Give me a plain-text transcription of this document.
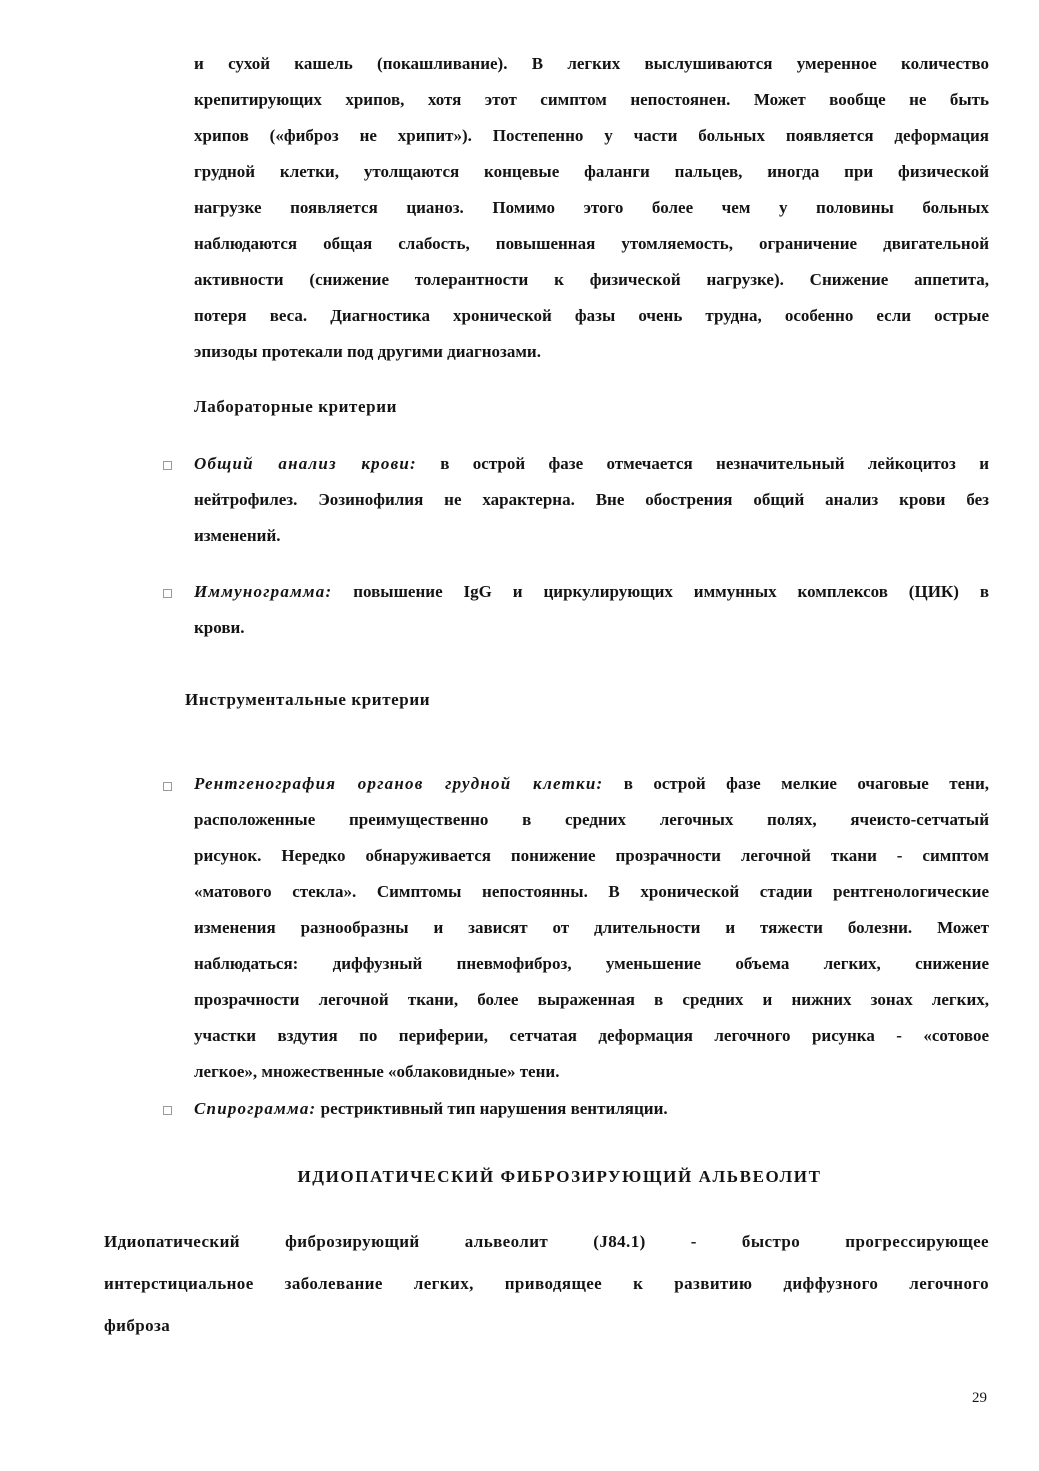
и сухой кашель (покашливание). В легких выслушиваются умеренное количество
крепитирующих хрипов, хотя этот симптом непостоянен. Может вообще не быть
хрипов («фиброз не хрипит»). Постепенно у части больных появляется деформация
грудной клетки, утолщаются концевые фаланги пальцев, иногда при физической
нагрузке появляется цианоз. Помимо этого более чем у половины больных
наблюдаются общая слабость, повышенная утомляемость, ограничение двигательной
активности (снижение толерантности к физической нагрузке). Снижение аппетита,
потеря веса. Диагностика хронической фазы очень трудна, особенно если острые
эпизоды протекали под другими диагнозами.
Лабораторные критерии
Общий анализ крови: в острой фазе отмечается незначительный лейкоцитоз и
нейтрофилез. Эозинофилия не характерна. Вне обострения общий анализ крови без
изменений.
Иммунограмма: повышение IgG и циркулирующих иммунных комплексов (ЦИК) в
крови.
Инструментальные критерии
Рентгенография органов грудной клетки: в острой фазе мелкие очаговые тени,
расположенные преимущественно в средних легочных полях, ячеисто-сетчатый
рисунок. Нередко обнаруживается понижение прозрачности легочной ткани - симптом
«матового стекла». Симптомы непостоянны. В хронической стадии рентгенологические
изменения разнообразны и зависят от длительности и тяжести болезни. Может
наблюдаться: диффузный пневмофиброз, уменьшение объема легких, снижение
прозрачности легочной ткани, более выраженная в средних и нижних зонах легких,
участки вздутия по периферии, сетчатая деформация легочного рисунка - «сотовое
легкое», множественные «облаковидные» тени.
Спирограмма: рестриктивный тип нарушения вентиляции.
ИДИОПАТИЧЕСКИЙ ФИБРОЗИРУЮЩИЙ АЛЬВЕОЛИТ
Идиопатический фиброзирующий альвеолит (J84.1) - быстро прогрессирующее
интерстициальное заболевание легких, приводящее к развитию диффузного легочного
фиброза
29
